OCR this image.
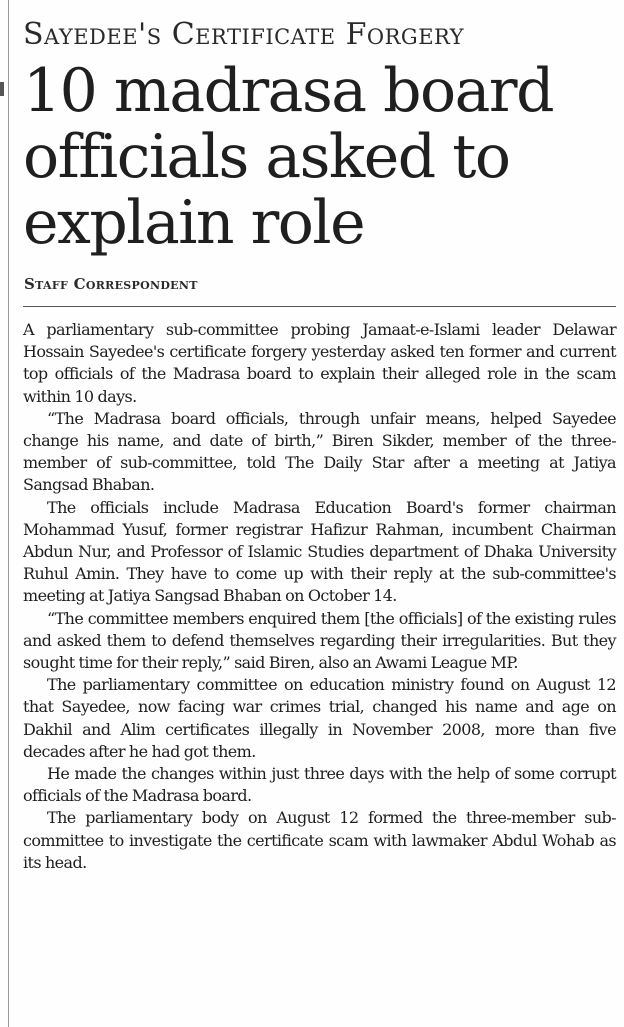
Sayedee's Certificate Forgery
10 madrasa board officials asked to explain role
Staff Correspondent

A parliamentary sub-committee probing Jamaat-e-Islami leader Delawar Hossain Sayedee's certificate forgery yesterday asked ten former and current top officials of the Madrasa board to explain their alleged role in the scam within 10 days.

“The Madrasa board officials, through unfair means, helped Sayedee change his name, and date of birth,” Biren Sikder, member of the three-member of sub-committee, told The Daily Star after a meeting at Jatiya Sangsad Bhaban.

The officials include Madrasa Education Board's former chairman Mohammad Yusuf, former registrar Hafizur Rahman, incumbent Chairman Abdun Nur, and Professor of Islamic Studies department of Dhaka University Ruhul Amin. They have to come up with their reply at the sub-committee's meeting at Jatiya Sangsad Bhaban on October 14.

“The committee members enquired them [the officials] of the existing rules and asked them to defend themselves regarding their irregularities. But they sought time for their reply,” said Biren, also an Awami League MP.

The parliamentary committee on education ministry found on August 12 that Sayedee, now facing war crimes trial, changed his name and age on Dakhil and Alim certificates illegally in November 2008, more than five decades after he had got them.

He made the changes within just three days with the help of some corrupt officials of the Madrasa board.

The parliamentary body on August 12 formed the three-member sub-committee to investigate the certificate scam with lawmaker Abdul Wohab as its head.
